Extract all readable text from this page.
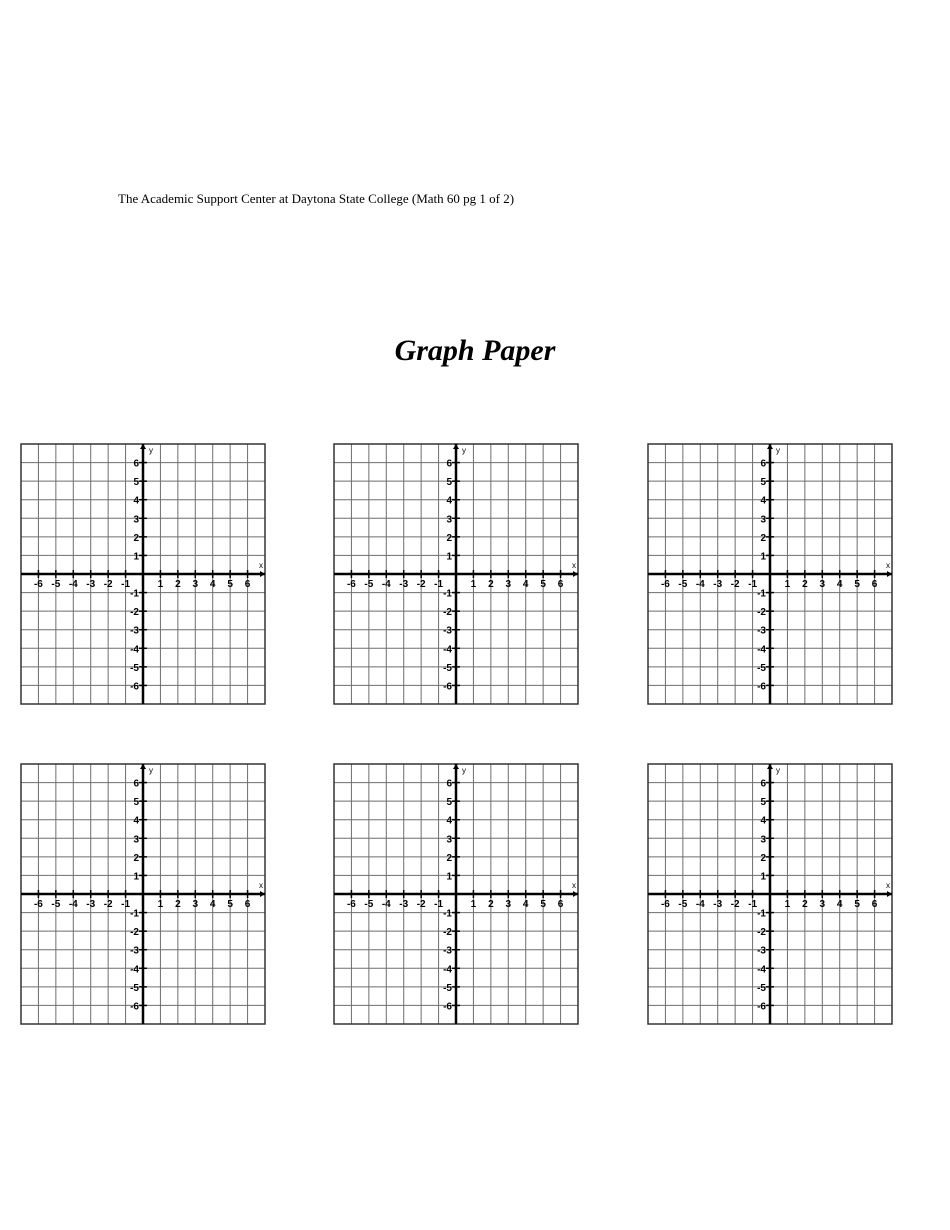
The Academic Support Center at Daytona State College (Math 60 pg 1 of 2)
Graph Paper
x
y
-6 -5 -4 -3 -2 -1	1 2 3 4 5 6
6
5
4
3
2
1
-1
-2
-3
-4
-5
-6
x
y
-6 -5 -4 -3 -2 -1	1 2 3 4 5 6
6
5
4
3
2
1
-1
-2
-3
-4
-5
-6
x
y
-6 -5 -4 -3 -2 -1	1 2 3 4 5 6
6
5
4
3
2
1
-1
-2
-3
-4
-5
-6
x
y
-6 -5 -4 -3 -2 -1	1 2 3 4 5 6
6
5
4
3
2
1
-1
-2
-3
-4
-5
-6
x
y
-6 -5 -4 -3 -2 -1	1 2 3 4 5 6
6
5
4
3
2
1
-1
-2
-3
-4
-5
-6
x
y
-6 -5 -4 -3 -2 -1	1 2 3 4 5 6
6
5
4
3
2
1
-1
-2
-3
-4
-5
-6
